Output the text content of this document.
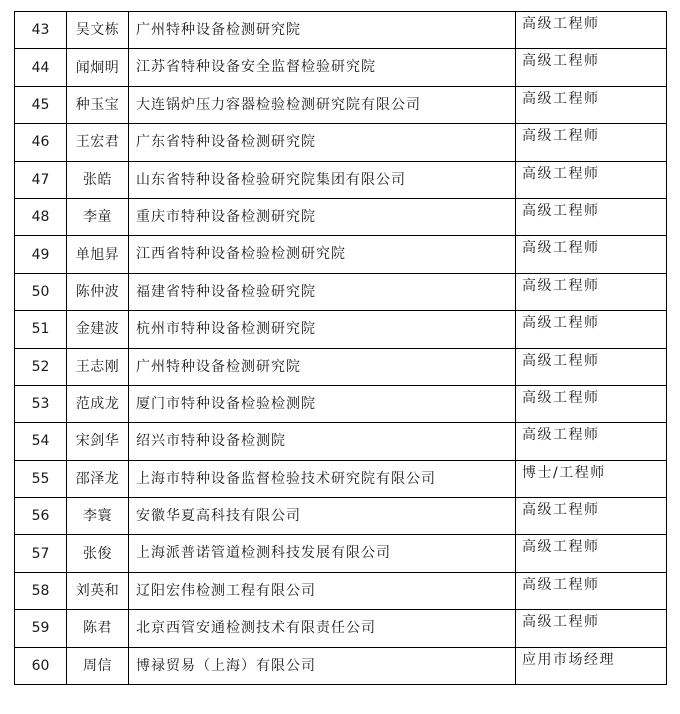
43	吴文栋	广州特种设备检测研究院	高级工程师
44	闻炯明	江苏省特种设备安全监督检验研究院	高级工程师
45	种玉宝	大连锅炉压力容器检验检测研究院有限公司	高级工程师
46	王宏君	广东省特种设备检测研究院	高级工程师
47	张皓	山东省特种设备检验研究院集团有限公司	高级工程师
48	李童	重庆市特种设备检测研究院	高级工程师
49	单旭昇	江西省特种设备检验检测研究院	高级工程师
50	陈仲波	福建省特种设备检验研究院	高级工程师
51	金建波	杭州市特种设备检测研究院	高级工程师
52	王志刚	广州特种设备检测研究院	高级工程师
53	范成龙	厦门市特种设备检验检测院	高级工程师
54	宋剑华	绍兴市特种设备检测院	高级工程师
55	邵泽龙	上海市特种设备监督检验技术研究院有限公司	博士/工程师
56	李寰	安徽华夏高科技有限公司	高级工程师
57	张俊	上海派普诺管道检测科技发展有限公司	高级工程师
58	刘英和	辽阳宏伟检测工程有限公司	高级工程师
59	陈君	北京西管安通检测技术有限责任公司	高级工程师
60	周信	博禄贸易（上海）有限公司	应用市场经理
